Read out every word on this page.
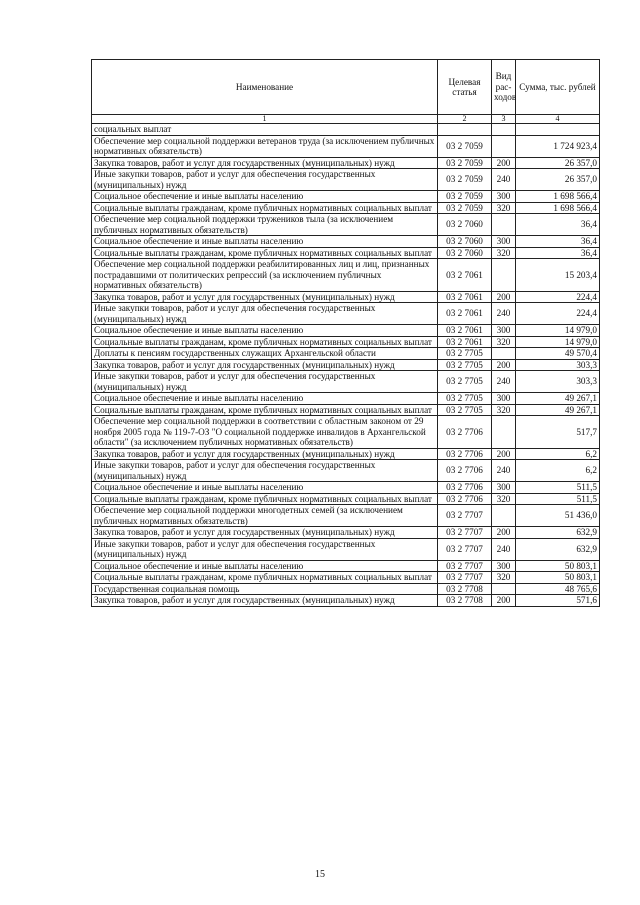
Наименование	Целевая статья	Вид рас-ходов	Сумма, тыс. рублей
1	2	3	4
социальных выплат			
Обеспечение мер социальной поддержки ветеранов труда (за исключением публичных нормативных обязательств)	03 2 7059		1 724 923,4
Закупка товаров, работ и услуг для государственных (муниципальных) нужд	03 2 7059	200	26 357,0
Иные закупки товаров, работ и услуг для обеспечения государственных (муниципальных) нужд	03 2 7059	240	26 357,0
Социальное обеспечение и иные выплаты населению	03 2 7059	300	1 698 566,4
Социальные выплаты гражданам, кроме публичных нормативных социальных выплат	03 2 7059	320	1 698 566,4
Обеспечение мер социальной поддержки тружеников тыла (за исключением публичных нормативных обязательств)	03 2 7060		36,4
Социальное обеспечение и иные выплаты населению	03 2 7060	300	36,4
Социальные выплаты гражданам, кроме публичных нормативных социальных выплат	03 2 7060	320	36,4
Обеспечение мер социальной поддержки реабилитированных лиц и лиц, признанных пострадавшими от политических репрессий (за исключением публичных нормативных обязательств)	03 2 7061		15 203,4
Закупка товаров, работ и услуг для государственных (муниципальных) нужд	03 2 7061	200	224,4
Иные закупки товаров, работ и услуг для обеспечения государственных (муниципальных) нужд	03 2 7061	240	224,4
Социальное обеспечение и иные выплаты населению	03 2 7061	300	14 979,0
Социальные выплаты гражданам, кроме публичных нормативных социальных выплат	03 2 7061	320	14 979,0
Доплаты к пенсиям государственных служащих Архангельской области	03 2 7705		49 570,4
Закупка товаров, работ и услуг для государственных (муниципальных) нужд	03 2 7705	200	303,3
Иные закупки товаров, работ и услуг для обеспечения государственных (муниципальных) нужд	03 2 7705	240	303,3
Социальное обеспечение и иные выплаты населению	03 2 7705	300	49 267,1
Социальные выплаты гражданам, кроме публичных нормативных социальных выплат	03 2 7705	320	49 267,1
Обеспечение мер социальной поддержки в соответствии с областным законом от 29 ноября 2005 года № 119-7-ОЗ "О социальной поддержке инвалидов в Архангельской области" (за исключением публичных нормативных обязательств)	03 2 7706		517,7
Закупка товаров, работ и услуг для государственных (муниципальных) нужд	03 2 7706	200	6,2
Иные закупки товаров, работ и услуг для обеспечения государственных (муниципальных) нужд	03 2 7706	240	6,2
Социальное обеспечение и иные выплаты населению	03 2 7706	300	511,5
Социальные выплаты гражданам, кроме публичных нормативных социальных выплат	03 2 7706	320	511,5
Обеспечение мер социальной поддержки многодетных семей (за исключением публичных нормативных обязательств)	03 2 7707		51 436,0
Закупка товаров, работ и услуг для государственных (муниципальных) нужд	03 2 7707	200	632,9
Иные закупки товаров, работ и услуг для обеспечения государственных (муниципальных) нужд	03 2 7707	240	632,9
Социальное обеспечение и иные выплаты населению	03 2 7707	300	50 803,1
Социальные выплаты гражданам, кроме публичных нормативных социальных выплат	03 2 7707	320	50 803,1
Государственная социальная помощь	03 2 7708		48 765,6
Закупка товаров, работ и услуг для государственных (муниципальных) нужд	03 2 7708	200	571,6
15
